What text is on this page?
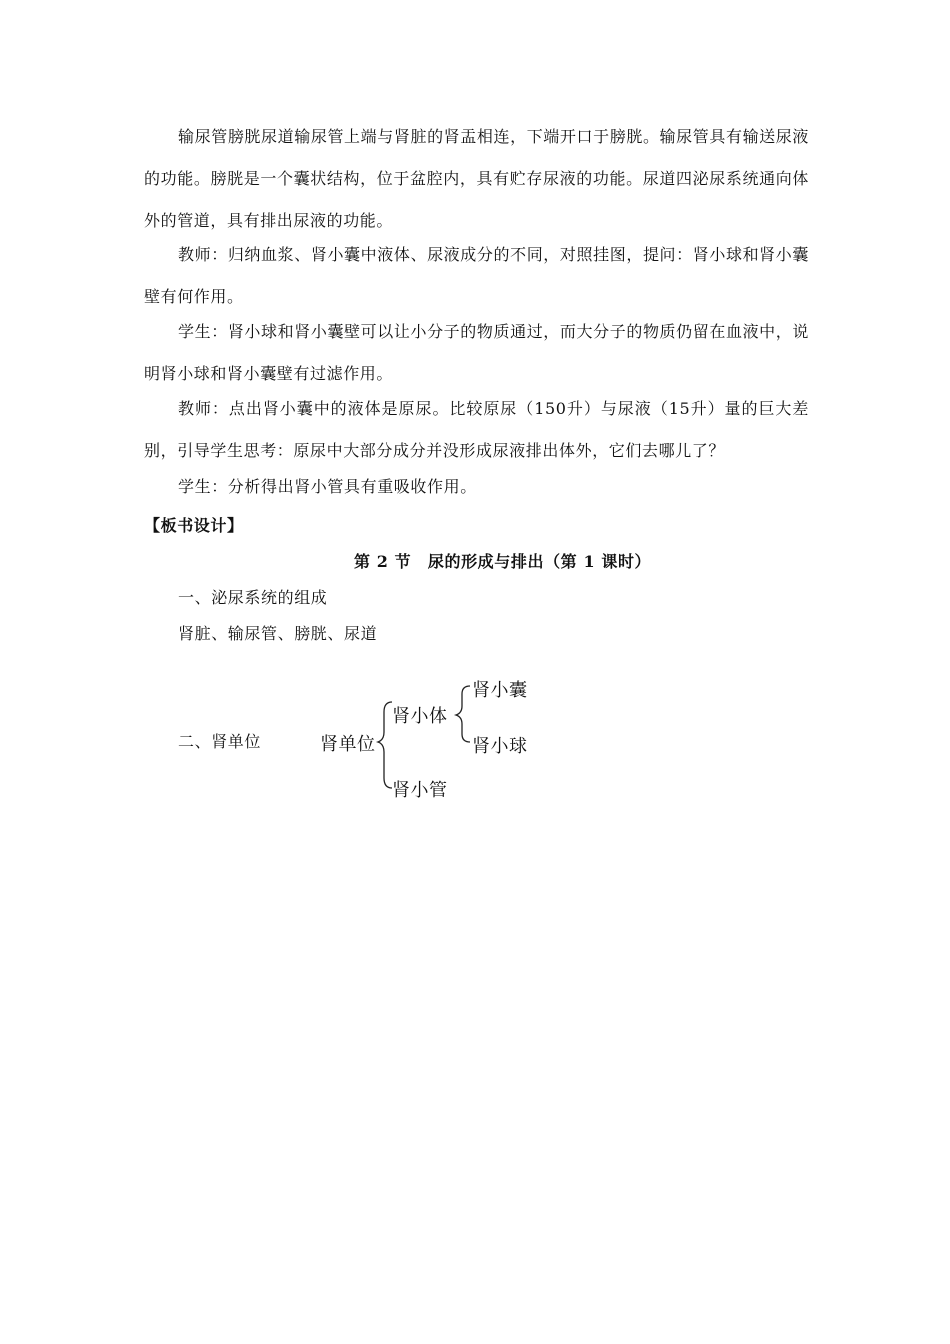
输尿管膀胱尿道输尿管上端与肾脏的肾盂相连，下端开口于膀胱。输尿管具有输送尿液的功能。膀胱是一个囊状结构，位于盆腔内，具有贮存尿液的功能。尿道四泌尿系统通向体外的管道，具有排出尿液的功能。

教师：归纳血浆、肾小囊中液体、尿液成分的不同，对照挂图，提问：肾小球和肾小囊壁有何作用。

学生：肾小球和肾小囊壁可以让小分子的物质通过，而大分子的物质仍留在血液中，说明肾小球和肾小囊壁有过滤作用。

教师：点出肾小囊中的液体是原尿。比较原尿（150升）与尿液（15升）量的巨大差别，引导学生思考：原尿中大部分成分并没形成尿液排出体外，它们去哪儿了？

学生：分析得出肾小管具有重吸收作用。

【板书设计】
第 2 节　尿的形成与排出（第 1 课时）
一、泌尿系统的组成
肾脏、输尿管、膀胱、尿道
二、肾单位	肾单位
肾小体
肾小囊
肾小球
肾小管
